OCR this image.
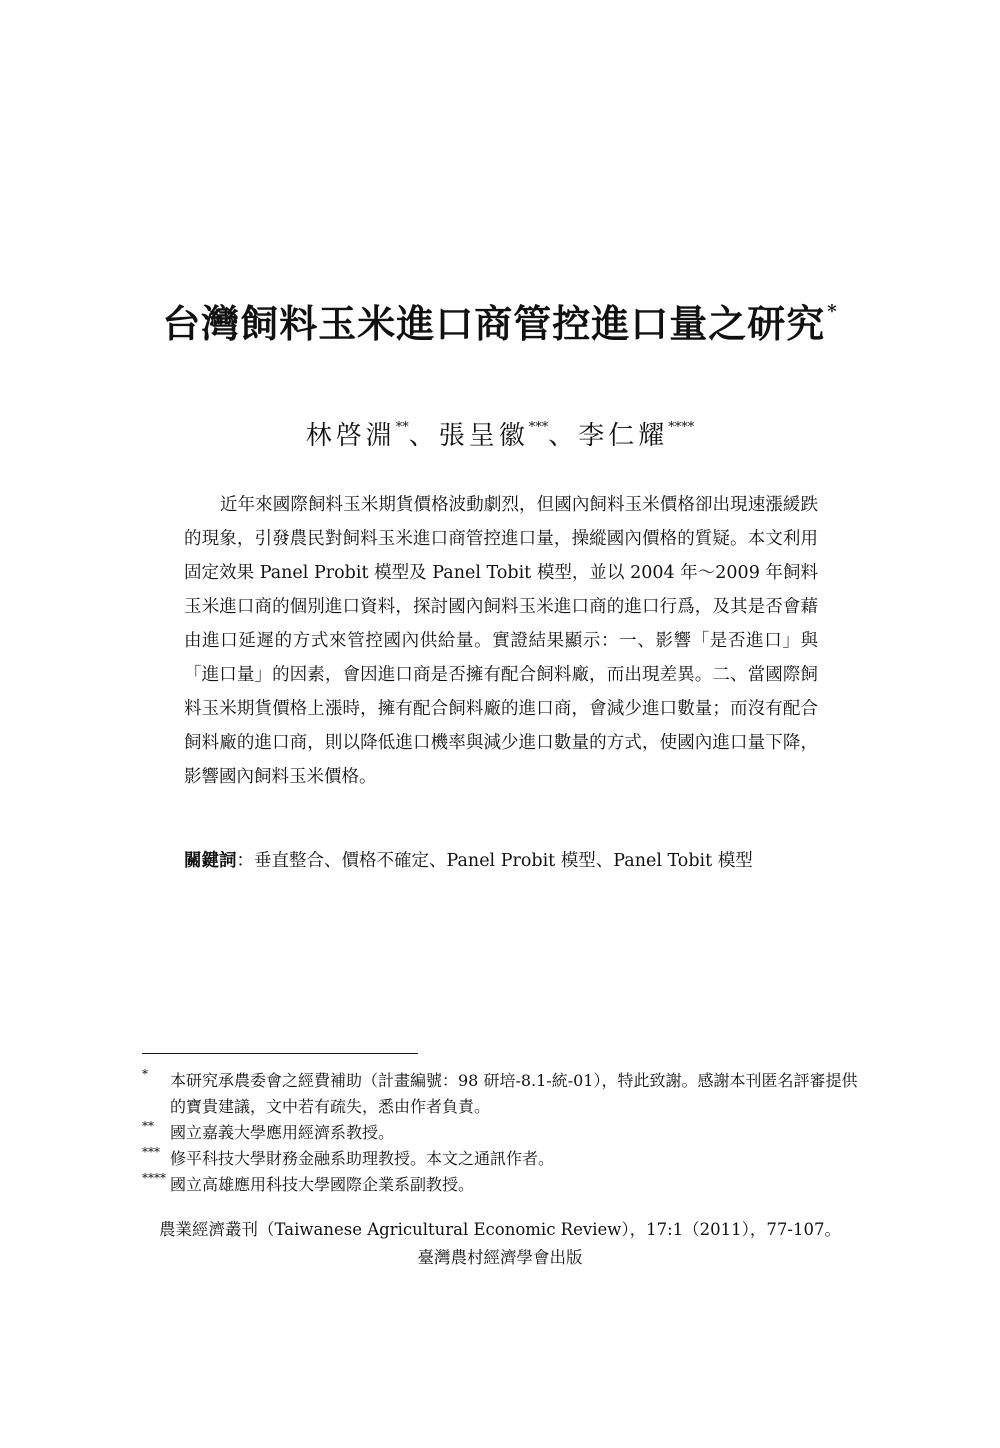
台灣飼料玉米進口商管控進口量之研究 *
林啓淵**、張呈徽***、李仁耀****

近年來國際飼料玉米期貨價格波動劇烈，但國內飼料玉米價格卻出現速漲緩跌的現象，引發農民對飼料玉米進口商管控進口量，操縱國內價格的質疑。本文利用固定效果 Panel Probit 模型及 Panel Tobit 模型，並以 2004 年～2009 年飼料玉米進口商的個別進口資料，探討國內飼料玉米進口商的進口行爲，及其是否會藉由進口延遲的方式來管控國內供給量。實證結果顯示：一、影響「是否進口」與「進口量」的因素，會因進口商是否擁有配合飼料廠，而出現差異。二、當國際飼料玉米期貨價格上漲時，擁有配合飼料廠的進口商，會減少進口數量；而沒有配合飼料廠的進口商，則以降低進口機率與減少進口數量的方式，使國內進口量下降，影響國內飼料玉米價格。

關鍵詞：垂直整合、價格不確定、Panel Probit 模型、Panel Tobit 模型
* 本研究承農委會之經費補助（計畫編號：98 研培-8.1-統-01），特此致謝。感謝本刊匿名評審提供的寶貴建議，文中若有疏失，悉由作者負責。
** 國立嘉義大學應用經濟系教授。
*** 修平科技大學財務金融系助理教授。本文之通訊作者。
**** 國立高雄應用科技大學國際企業系副教授。
農業經濟叢刊（Taiwanese Agricultural Economic Review），17:1（2011），77-107。
臺灣農村經濟學會出版
